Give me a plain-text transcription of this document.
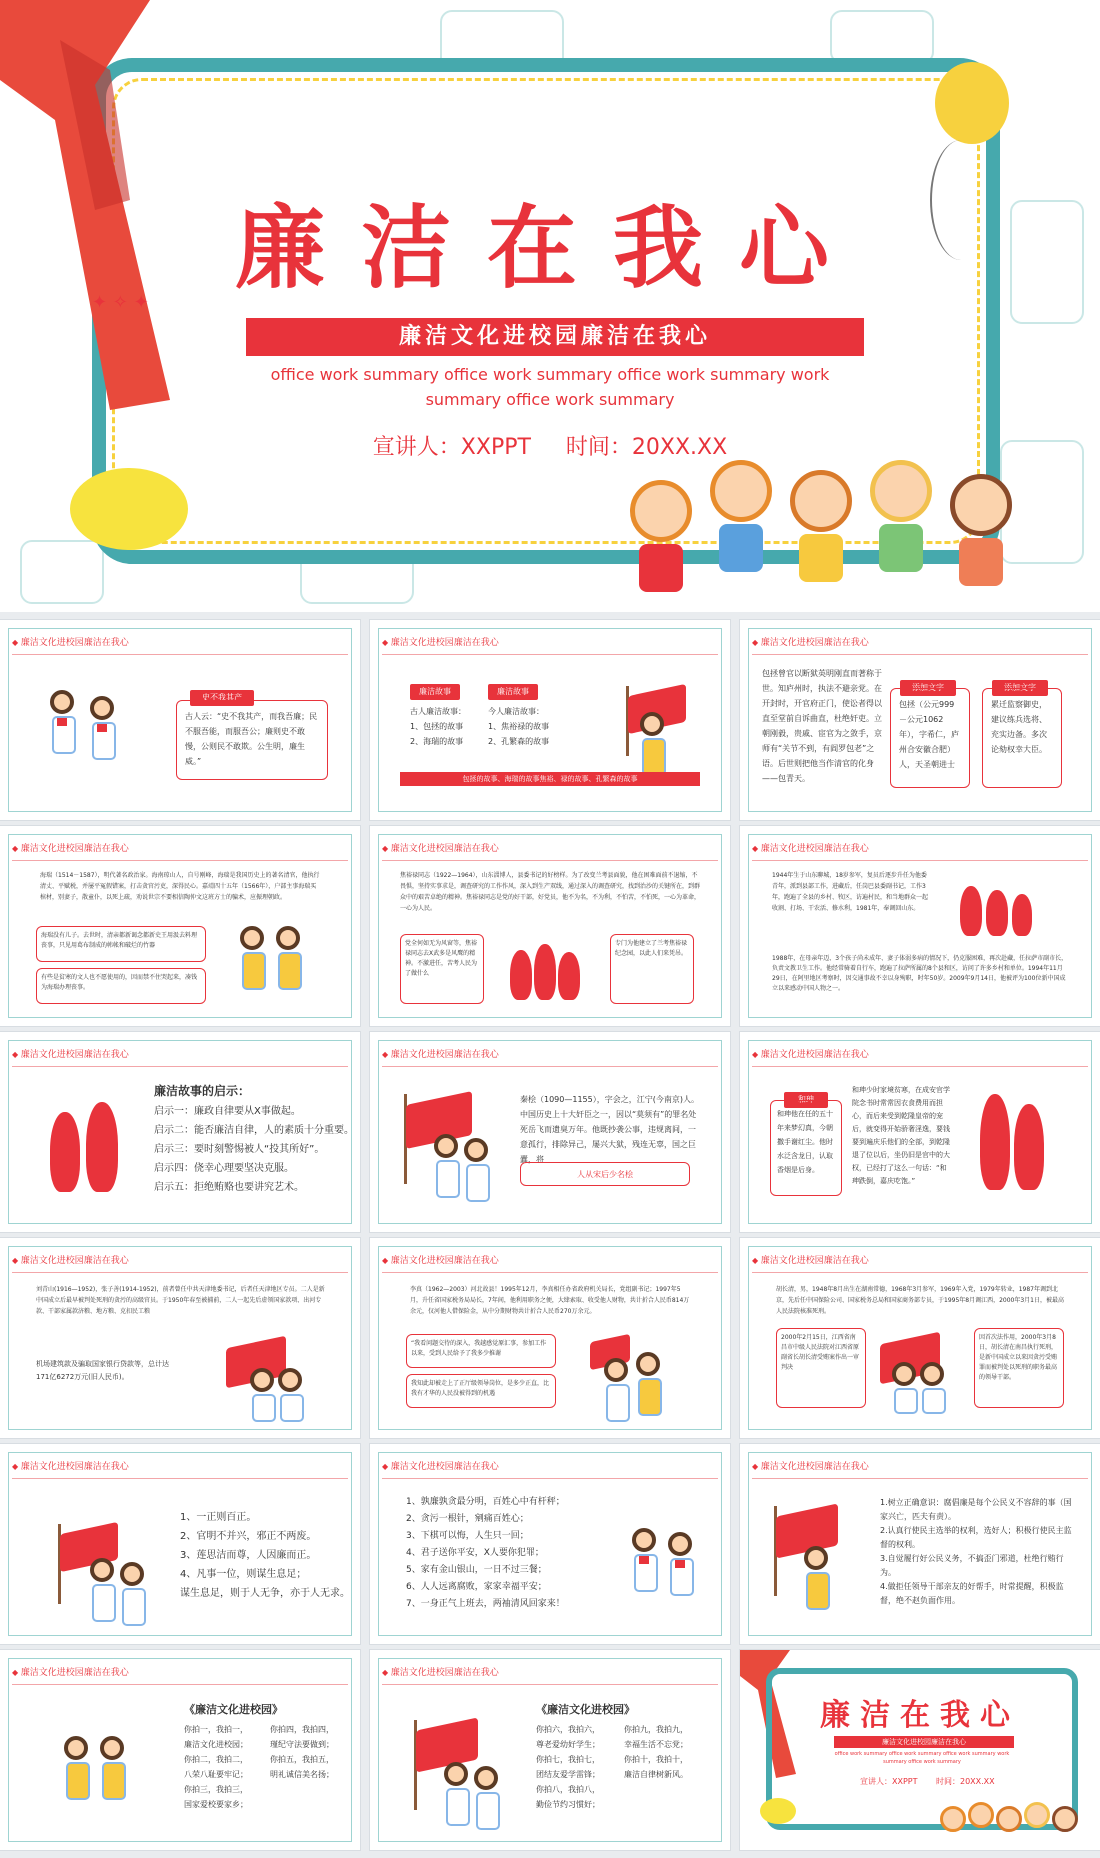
✦ ✧ ✦
廉洁在我心
廉洁文化进校园廉洁在我心
office work summary office work summary office work summary work
summary office work summary
宣讲人：XXPPT 时间：20XX.XX
◆ 廉洁文化进校园廉洁在我心
史不我其产
古人云：“史不我其产，而我吾廉；民不服吾能，而服吾公；廉则史不敢慢，公则民不敢欺。公生明，廉生威。”
◆ 廉洁文化进校园廉洁在我心
廉洁故事	廉洁故事
古人廉洁故事：
1、包拯的故事
2、海瑞的故事
今人廉洁故事：
1、焦裕禄的故事
2、孔繁森的故事
包拯的故事、海瑞的故事焦裕、禄的故事、孔繁森的故事
◆ 廉洁文化进校园廉洁在我心
包拯曾官以断狱英明刚直而著称于世。知庐州时，执法不避亲党。在开封时，开官府正门，使讼者得以直至堂前自诉曲直，杜绝奸吏。立朝刚毅，贵戚、宦官为之敛手，京师有“关节不到，有阎罗包老”之语。后世则把他当作清官的化身——包青天。
添加文字
包拯（公元999－公元1062年），字希仁，庐州合安徽合肥）人，天圣朝进士
添加文字
累迁监察御史，建议练兵选将、充实边备。多次论劾权幸大臣。
◆ 廉洁文化进校园廉洁在我心
海瑞（1514－1587），明代著名政治家。海南琼山人，自号刚峰，海瑞是我国历史上的著名清官，他执行清丈、平赋税，并屡平冤假错案，打击贪官污吏，深得民心。嘉靖四十五年（1566年），户部主事海瑞买棺材，别妻子，散童仆，以死上疏，劝说世宗不要相信陶仲文这班方士的骗术，应振理朝政。
海瑞没有儿子。去世时，清亲都新谒念都新史王用汲去料理丧事，只见用葛布制成的帏帐和破烂的竹器
有些是贫寒的文人也不愿使用的，因而禁不住哭起来，凑钱为海瑞办理丧事。
◆ 廉洁文化进校园廉洁在我心
焦裕禄同志（1922—1964），山东淄博人，县委书记的好榜样。为了改变兰考县面貌，他在困难面前不退缩，不畏惧，坚持实事求是，调查研究的工作作风，深入到生产双线，通过深入的调查研究，找到治沙的关键所在，到群众中的艰苦卓绝的精神。焦裕禄同志是党的好干部，好党员，他不为名，不为利，不怕苦，不怕死，一心为革命，一心为人民。
党全何如无为风窗等，焦裕禄同志去X武多是风鹰的精神。不激进任，苦考人民为了做什么
专门为他建立了兰考焦裕禄纪念园，以此人们来凭吊。
◆ 廉洁文化进校园廉洁在我心
1944年生于山东聊城，18岁参军，复员后逐步升任为他委青年，派到县部工作，进藏后，任岗巴县委副书记，工作3年，跑遍了全县的乡村、牧区，访遍村民，和当地群众一起收割、打场、干农活、修水利，1981年，奉调回山东。
1988年，在母亲年迈、3个孩子尚未成年、妻子体弱多病的情况下，仍克服困难，再次赴藏，任拉萨市副市长，负责文教卫生工作。他经常骑着自行车，跑遍了拉萨所属的8个县和区，访问了许多乡村和单位。1994年11月29日，在阿里地区考察时，因交通事故不幸以身殉职，时年50岁。2009年9月14日，他被评为100位新中国成立以来感动中国人物之一。
◆ 廉洁文化进校园廉洁在我心
廉洁故事的启示：
启示一：廉政自律要从X事做起。
启示二：能否廉洁自律，人的素质十分重要。
启示三：要时刻警惕被人“投其所好”。
启示四：侥幸心理要坚决克服。
启示五：拒绝贿赂也要讲究艺术。
◆ 廉洁文化进校园廉洁在我心
秦桧（1090—1155），字会之，江宁(今南京)人。中国历史上十大奸臣之一，因以“莫须有”的罪名处死岳飞而遗臭万年。他既抄袭公事，违规离间，一意孤行，排除异己，屡兴大狱，残连无辜，国之巨蠹，将
人从宋后少名桧
◆ 廉洁文化进校园廉洁在我心
和珅
和珅他在任的五十年来梦幻真，今朝撒手谢红尘。他时水泛含龙日，认取香烟是后身。
和珅少时家境贫寒，在成安官学院念书时常常因衣食费用而担心，而后来受到乾隆皇帝的宠后，就变得开始骄奢淫逸，要钱要到遍庆乐他们的全部，到乾隆退了位以后，坐仍旧是官中的大权，已经打了这么一句话：“和珅跌倒，嘉庆吃饱。”
◆ 廉洁文化进校园廉洁在我心
刘青山(1916—1952)，张子善(1914-1952)，前者曾任中共天津地委书记，后者任天津地区专员。二人是新中国成立后最早被判处死刑的贪污的高级官员。于1950年春至被捕前，二人一起先后虚领国家款项、出河专款、干部家属款济粮、地方粮、克扣民工粮
机场建筑款及骗取国家银行贷款等，总计达171亿6272万元(旧人民币)。
◆ 廉洁文化进校园廉洁在我心
李真（1962—2003）河北故县！1995年12月，李真相任办省政府机关局长，党组副书记；1997年5月，升任省国家税务局局长，7年间，他利用职务之便，大肆索取、收受他人财物，共计折合人民币814万余元，仅河他人借保险金，从中分期财物共计折合人民币270万余元。
“我看问题交待的深入，我越感觉原汇事，参加工作以来，受到人民给予了我多少推谢
我知此却被走上了正厅级领导岗位，是多少正直，比我有才华的人民没被得到的机遇
◆ 廉洁文化进校园廉洁在我心
胡长清，男，1948年8月出生在湖南常德，1968年3月参军，1969年入党，1979年转业，1987年调到北京，先后任中国保险公司、国家税务总局和国家商务部专员，于1995年8月调江西，2000年3月1日，被最高人民法院核准死刑。
2000年2月15日，江西省南昌市中级人民法院对江西省原副省长胡长清受贿案作出一审判决
因首次法作用，2000年3月8日，胡长清在南昌执行死刑，是新中国成立以来因贪污受贿罪而被判处以死刑的职务最高的领导干部。
◆ 廉洁文化进校园廉洁在我心
1、一正则百正。
2、官明不并兴，邪正不两废。
3、莲思洁而尊，人因廉而正。
4、凡事一位，则谋生息足；
谋生息足，则于人无争，亦于人无求。
◆ 廉洁文化进校园廉洁在我心
1、孰廉孰贪最分明，百姓心中有杆秤；
2、贪污一根针，剜痛百姓心；
3、下棋可以悔，人生只一回；
4、君子送你平安，X人要你犯罪；
5、家有金山银山，一日不过三餐；
6、人人远离腐败，家家幸福平安；
7、一身正气上班去，两袖清风回家来！
◆ 廉洁文化进校园廉洁在我心
1.树立正确意识：腐倡廉是每个公民义不容辞的事（国家兴亡，匹夫有责）。
2.认真行使民主选举的权利，选好人；积极行使民主监督的权利。
3.自觉履行好公民义务，不搞歪门邪道，杜绝行贿行为。
4.做拒任领导干部亲友的好帮手，时常提醒，积极监督，绝不赵负面作用。
◆ 廉洁文化进校园廉洁在我心
《廉洁文化进校园》
你拍一，我拍一，
廉洁文化进校园；
你拍二，我拍二，
八荣八耻要牢记；
你拍三，我拍三，
国家爱校要家乡；
你拍四，我拍四，
瑾纪守法要做到；
你拍五，我拍五，
明礼诚信美名扬；
◆ 廉洁文化进校园廉洁在我心
《廉洁文化进校园》
你拍六，我拍六，
尊老爱幼好学生；
你拍七，我拍七，
团结友爱学雷锋；
你拍八，我拍八，
勤俭节约习惯好；
你拍九，我拍九，
幸福生活不忘党；
你拍十，我拍十，
廉洁自律树新风。
廉洁在我心
廉洁文化进校园廉洁在我心
office work summary office work summary office work summary work summary office work summary
宣讲人：XXPPT 时间：20XX.XX
